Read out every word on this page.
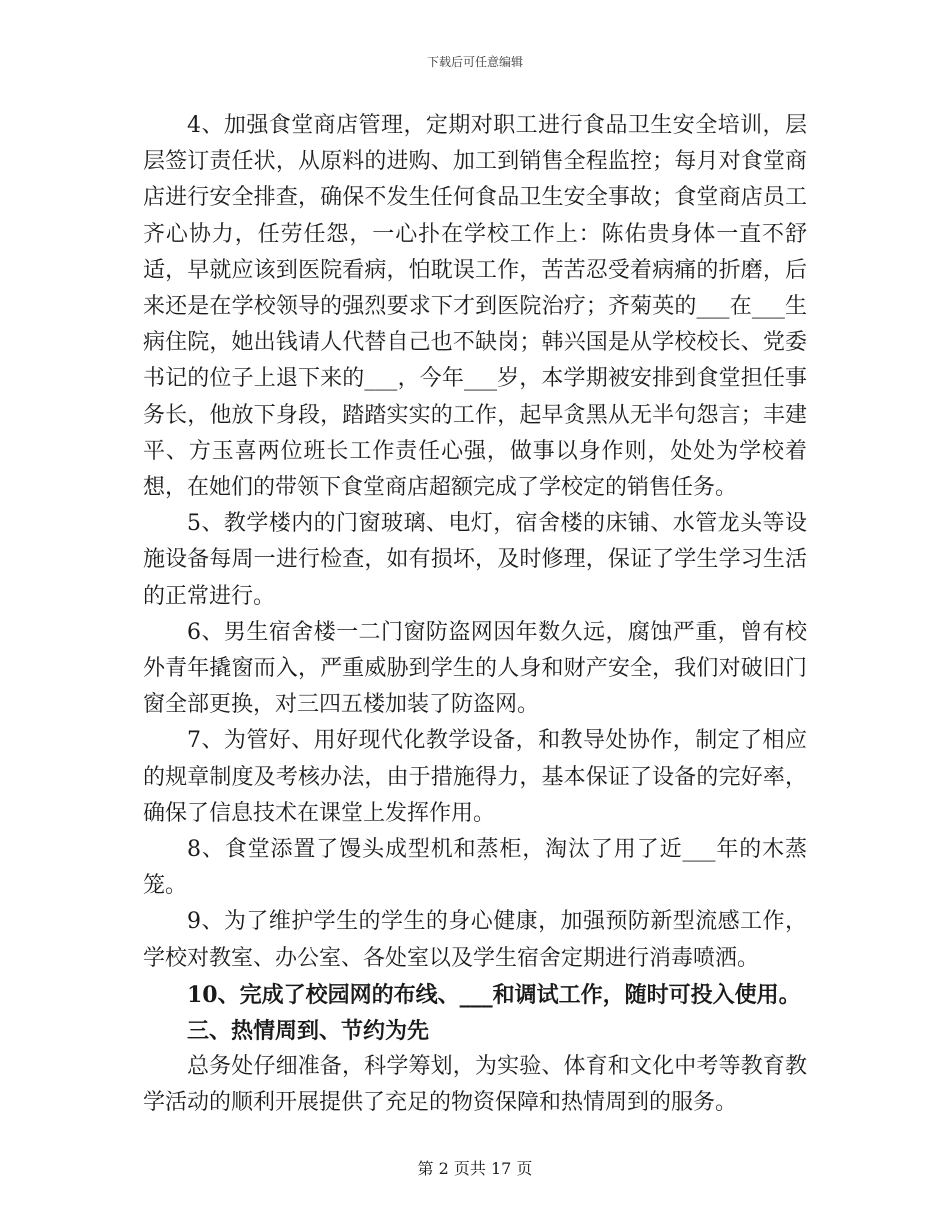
下载后可任意编辑

4、加强食堂商店管理，定期对职工进行食品卫生安全培训，层层签订责任状，从原料的进购、加工到销售全程监控；每月对食堂商店进行安全排查，确保不发生任何食品卫生安全事故；食堂商店员工齐心协力，任劳任怨，一心扑在学校工作上：陈佑贵身体一直不舒适，早就应该到医院看病，怕耽误工作，苦苦忍受着病痛的折磨，后来还是在学校领导的强烈要求下才到医院治疗；齐菊英的___在___生病住院，她出钱请人代替自己也不缺岗；韩兴国是从学校校长、党委书记的位子上退下来的___，今年___岁，本学期被安排到食堂担任事务长，他放下身段，踏踏实实的工作，起早贪黑从无半句怨言；丰建平、方玉喜两位班长工作责任心强，做事以身作则，处处为学校着想，在她们的带领下食堂商店超额完成了学校定的销售任务。

5、教学楼内的门窗玻璃、电灯，宿舍楼的床铺、水管龙头等设施设备每周一进行检查，如有损坏，及时修理，保证了学生学习生活的正常进行。

6、男生宿舍楼一二门窗防盗网因年数久远，腐蚀严重，曾有校外青年撬窗而入，严重威胁到学生的人身和财产安全，我们对破旧门窗全部更换，对三四五楼加装了防盗网。

7、为管好、用好现代化教学设备，和教导处协作，制定了相应的规章制度及考核办法，由于措施得力，基本保证了设备的完好率，确保了信息技术在课堂上发挥作用。

8、食堂添置了馒头成型机和蒸柜，淘汰了用了近___年的木蒸笼。

9、为了维护学生的学生的身心健康，加强预防新型流感工作，学校对教室、办公室、各处室以及学生宿舍定期进行消毒喷洒。

10、完成了校园网的布线、___和调试工作，随时可投入使用。

三、热情周到、节约为先

总务处仔细准备，科学筹划，为实验、体育和文化中考等教育教学活动的顺利开展提供了充足的物资保障和热情周到的服务。

第 2 页共 17 页
